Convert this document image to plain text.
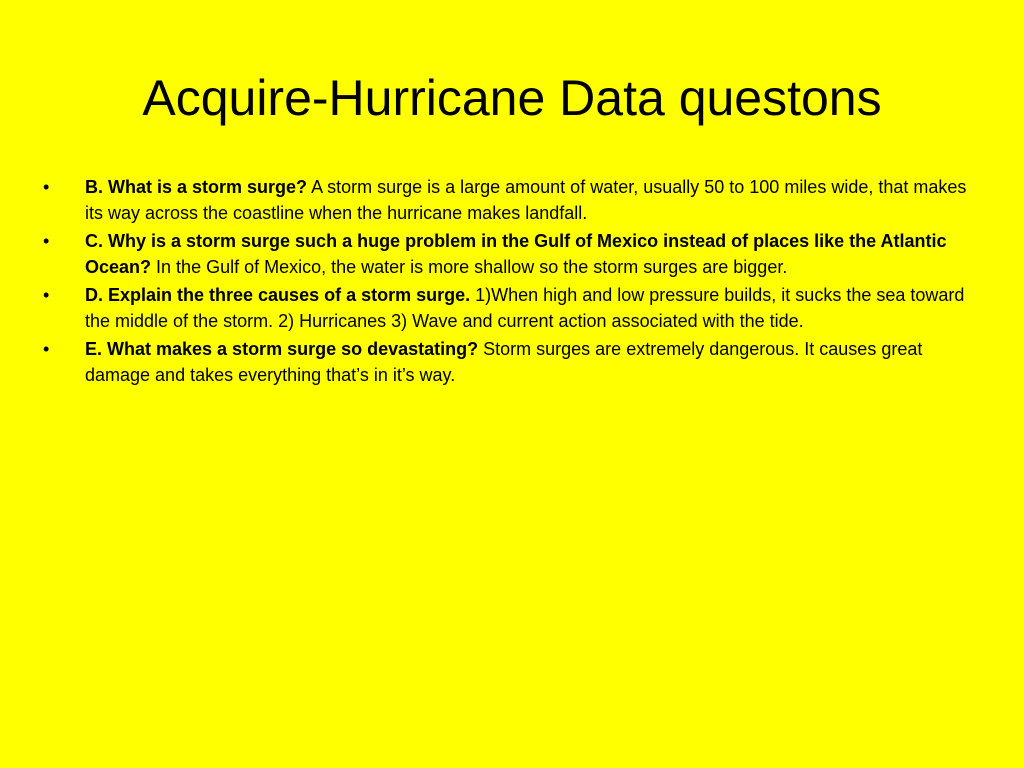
Acquire-Hurricane Data questons
•	B. What is a storm surge? A storm surge is a large amount of water, usually 50 to 100 miles wide, that makes its way across the coastline when the hurricane makes landfall.
•	C. Why is a storm surge such a huge problem in the Gulf of Mexico instead of places like the Atlantic Ocean? In the Gulf of Mexico, the water is more shallow so the storm surges are bigger.
•	D. Explain the three causes of a storm surge. 1)When high and low pressure builds, it sucks the sea toward the middle of the storm. 2) Hurricanes 3) Wave and current action associated with the tide.
•	E. What makes a storm surge so devastating? Storm surges are extremely dangerous. It causes great damage and takes everything that’s in it’s way.
